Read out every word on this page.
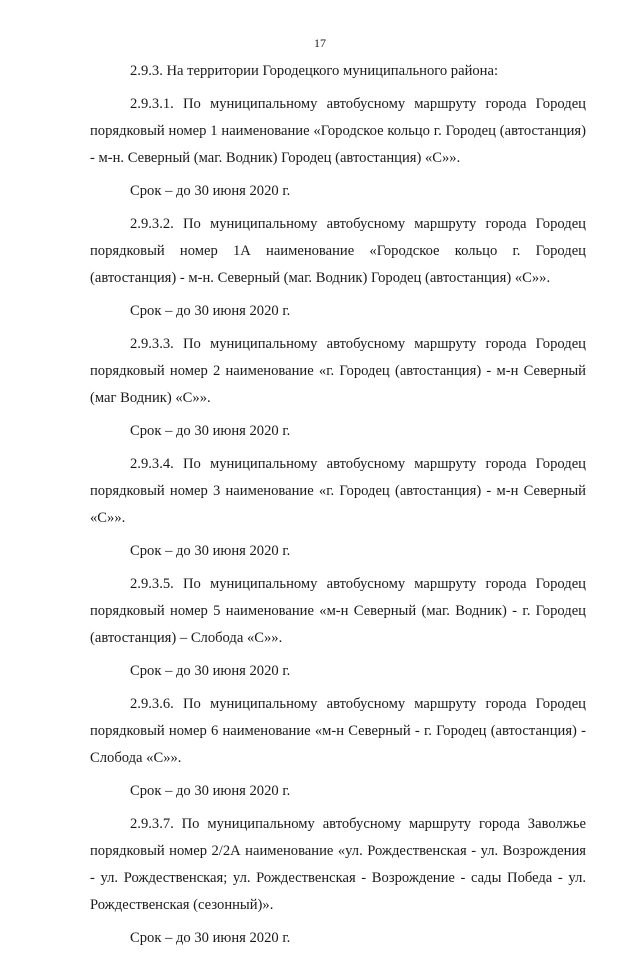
17

2.9.3. На территории Городецкого муниципального района:

2.9.3.1. По муниципальному автобусному маршруту города Городец порядковый номер 1 наименование «Городское кольцо г. Городец (автостанция) - м-н. Северный (маг. Водник) Городец (автостанция) «С»».

Срок – до 30 июня 2020 г.

2.9.3.2. По муниципальному автобусному маршруту города Городец порядковый номер 1А наименование «Городское кольцо г. Городец (автостанция) - м-н. Северный (маг. Водник) Городец (автостанция) «С»».

Срок – до 30 июня 2020 г.

2.9.3.3. По муниципальному автобусному маршруту города Городец порядковый номер 2 наименование «г. Городец (автостанция) - м-н Северный (маг Водник) «С»».

Срок – до 30 июня 2020 г.

2.9.3.4. По муниципальному автобусному маршруту города Городец порядковый номер 3 наименование «г. Городец (автостанция) - м-н Северный «С»».

Срок – до 30 июня 2020 г.

2.9.3.5. По муниципальному автобусному маршруту города Городец порядковый номер 5 наименование «м-н Северный (маг. Водник) - г. Городец (автостанция) – Слобода «С»».

Срок – до 30 июня 2020 г.

2.9.3.6. По муниципальному автобусному маршруту города Городец порядковый номер 6 наименование «м-н Северный - г. Городец (автостанция) - Слобода «С»».

Срок – до 30 июня 2020 г.

2.9.3.7. По муниципальному автобусному маршруту города Заволжье порядковый номер 2/2А наименование «ул. Рождественская - ул. Возрождения - ул. Рождественская; ул. Рождественская - Возрождение - сады Победа - ул. Рождественская (сезонный)».

Срок – до 30 июня 2020 г.
